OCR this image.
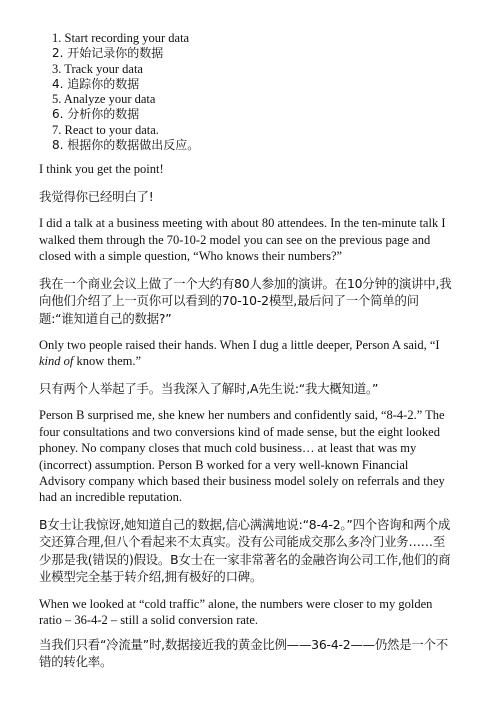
1. Start recording your data
2. 开始记录你的数据
3. Track your data
4. 追踪你的数据
5. Analyze your data
6. 分析你的数据
7. React to your data.
8. 根据你的数据做出反应。

I think you get the point!

我觉得你已经明白了!

I did a talk at a business meeting with about 80 attendees. In the ten-minute talk I walked them through the 70-10-2 model you can see on the previous page and closed with a simple question, “Who knows their numbers?”

我在一个商业会议上做了一个大约有80人参加的演讲。在10分钟的演讲中,我向他们介绍了上一页你可以看到的70-10-2模型,最后问了一个简单的问题:“谁知道自己的数据?”

Only two people raised their hands. When I dug a little deeper, Person A said, “I kind of know them.”

只有两个人举起了手。当我深入了解时,A先生说:“我大概知道。”

Person B surprised me, she knew her numbers and confidently said, “8-4-2.” The four consultations and two conversions kind of made sense, but the eight looked phoney. No company closes that much cold business… at least that was my (incorrect) assumption. Person B worked for a very well-known Financial Advisory company which based their business model solely on referrals and they had an incredible reputation.

B女士让我惊讶,她知道自己的数据,信心满满地说:“8-4-2。”四个咨询和两个成交还算合理,但八个看起来不太真实。没有公司能成交那么多冷门业务……至少那是我(错误的)假设。B女士在一家非常著名的金融咨询公司工作,他们的商业模型完全基于转介绍,拥有极好的口碑。

When we looked at “cold traffic” alone, the numbers were closer to my golden ratio – 36-4-2 – still a solid conversion rate.

当我们只看“冷流量”时,数据接近我的黄金比例——36-4-2——仍然是一个不错的转化率。
